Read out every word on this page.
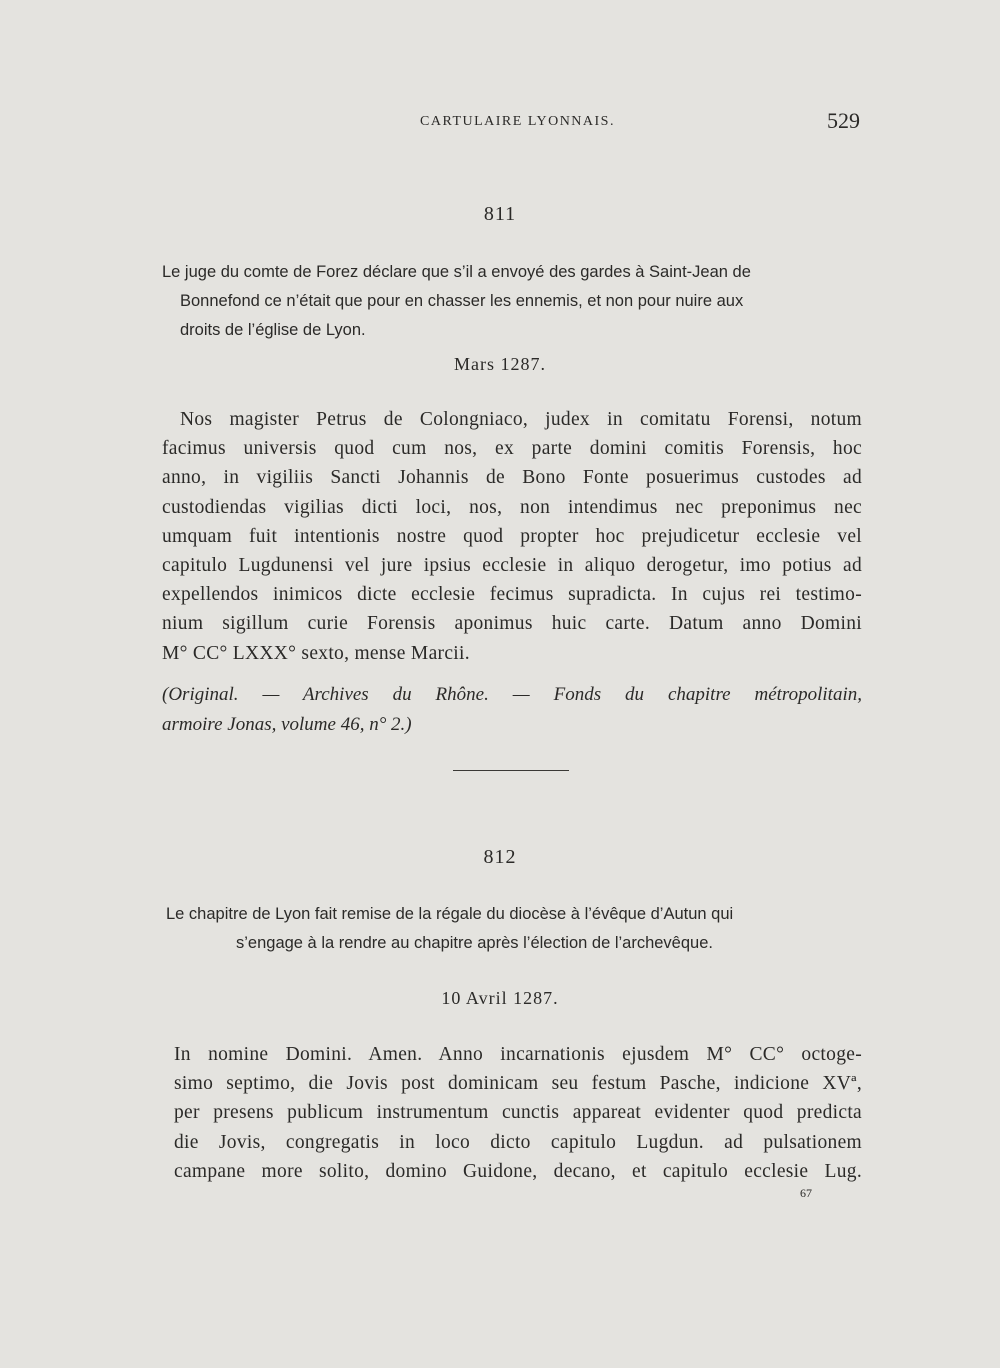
CARTULAIRE LYONNAIS.	529
811
Le juge du comte de Forez déclare que s’il a envoyé des gardes à Saint-Jean de
Bonnefond ce n’était que pour en chasser les ennemis, et non pour nuire aux
droits de l’église de Lyon.
Mars 1287.
Nos magister Petrus de Colongniaco, judex in comitatu Forensi, notum
facimus universis quod cum nos, ex parte domini comitis Forensis, hoc
anno, in vigiliis Sancti Johannis de Bono Fonte posuerimus custodes ad
custodiendas vigilias dicti loci, nos, non intendimus nec preponimus nec
umquam fuit intentionis nostre quod propter hoc prejudicetur ecclesie vel
capitulo Lugdunensi vel jure ipsius ecclesie in aliquo derogetur, imo potius ad
expellendos inimicos dicte ecclesie fecimus supradicta. In cujus rei testimo-
nium sigillum curie Forensis aponimus huic carte. Datum anno Domini
M° CC° LXXX° sexto, mense Marcii.
(Original. — Archives du Rhône. — Fonds du chapitre métropolitain,
armoire Jonas, volume 46, n° 2.)
812
Le chapitre de Lyon fait remise de la régale du diocèse à l’évêque d’Autun qui
s’engage à la rendre au chapitre après l’élection de l’archevêque.
10 Avril 1287.
In nomine Domini. Amen. Anno incarnationis ejusdem M° CC° octoge-
simo septimo, die Jovis post dominicam seu festum Pasche, indicione XVª,
per presens publicum instrumentum cunctis appareat evidenter quod predicta
die Jovis, congregatis in loco dicto capitulo Lugdun. ad pulsationem
campane more solito, domino Guidone, decano, et capitulo ecclesie Lug.
67
